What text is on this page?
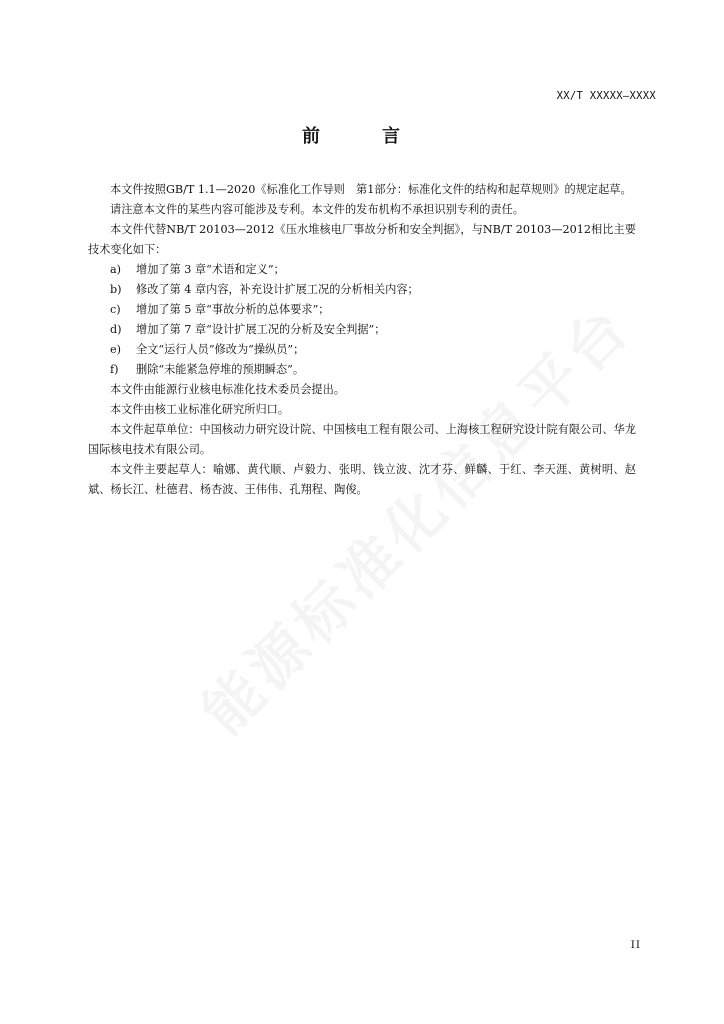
XX/T XXXXX—XXXX
前　言

本文件按照GB/T 1.1—2020《标准化工作导则　第1部分：标准化文件的结构和起草规则》的规定起草。

请注意本文件的某些内容可能涉及专利。本文件的发布机构不承担识别专利的责任。

本文件代替NB/T 20103—2012《压水堆核电厂事故分析和安全判据》，与NB/T 20103—2012相比主要技术变化如下：

a)	增加了第 3 章“术语和定义”；
b)	修改了第 4 章内容，补充设计扩展工况的分析相关内容；
c)	增加了第 5 章“事故分析的总体要求”；
d)	增加了第 7 章“设计扩展工况的分析及安全判据”；
e)	全文“运行人员”修改为“操纵员”；
f)	删除“未能紧急停堆的预期瞬态”。

本文件由能源行业核电标准化技术委员会提出。

本文件由核工业标准化研究所归口。

本文件起草单位：中国核动力研究设计院、中国核电工程有限公司、上海核工程研究设计院有限公司、华龙国际核电技术有限公司。

本文件主要起草人：喻娜、黄代顺、卢毅力、张明、钱立波、沈才芬、鲜麟、于红、李天涯、黄树明、赵斌、杨长江、杜德君、杨杏波、王伟伟、孔翔程、陶俊。

II
